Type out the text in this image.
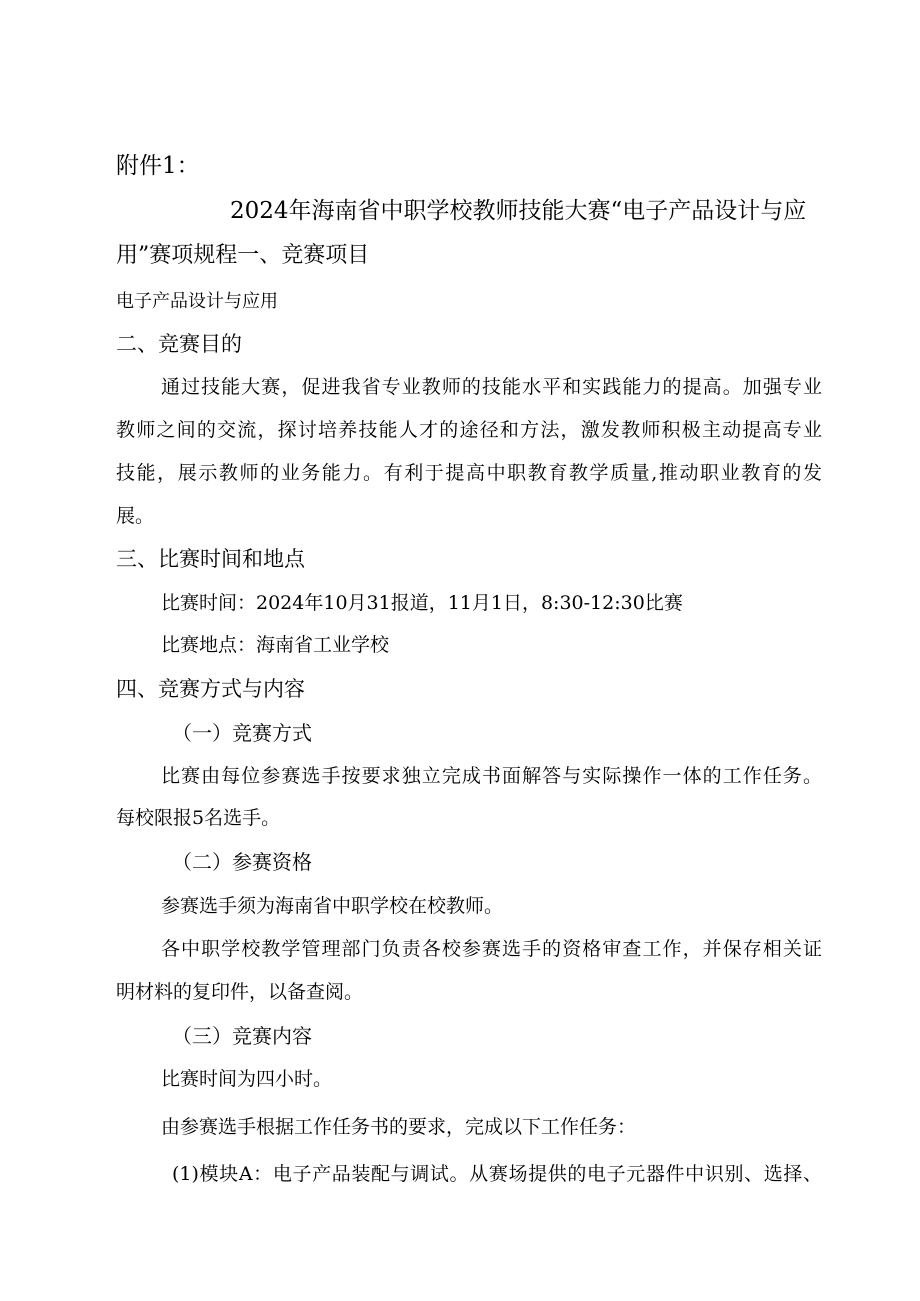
附件1：
2024年海南省中职学校教师技能大赛“电子产品设计与应
用”赛项规程一、竞赛项目
电子产品设计与应用
二、竞赛目的
通过技能大赛，促进我省专业教师的技能水平和实践能力的提高。加强专业
教师之间的交流，探讨培养技能人才的途径和方法，激发教师积极主动提高专业
技能，展示教师的业务能力。有利于提高中职教育教学质量,推动职业教育的发
展。
三、比赛时间和地点
比赛时间：2024年10月31报道，11月1日，8:30-12:30比赛
比赛地点：海南省工业学校
四、竞赛方式与内容
（一）竞赛方式
比赛由每位参赛选手按要求独立完成书面解答与实际操作一体的工作任务。
每校限报5名选手。
（二）参赛资格
参赛选手须为海南省中职学校在校教师。
各中职学校教学管理部门负责各校参赛选手的资格审查工作，并保存相关证
明材料的复印件，以备查阅。
（三）竞赛内容
比赛时间为四小时。
由参赛选手根据工作任务书的要求，完成以下工作任务：
(1)模块A：电子产品装配与调试。从赛场提供的电子元器件中识别、选择、
